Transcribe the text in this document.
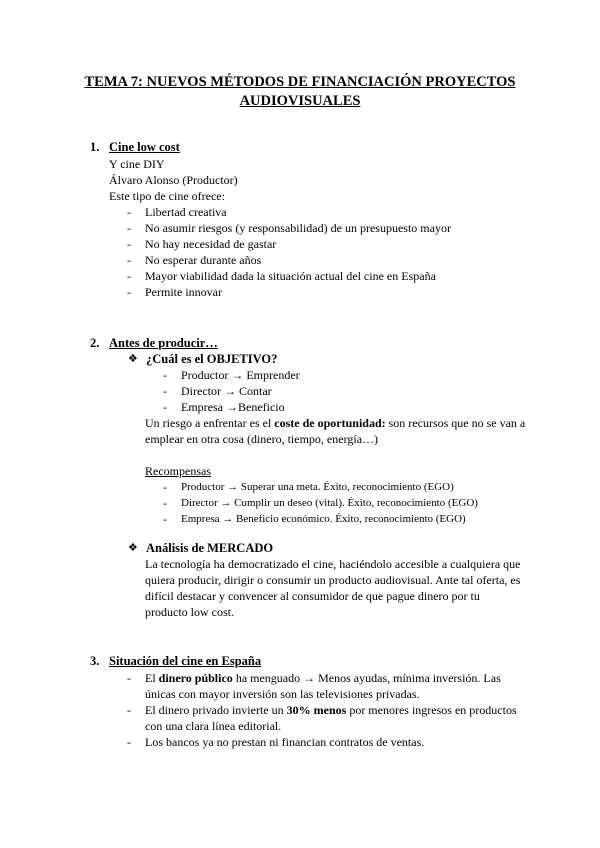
TEMA 7: NUEVOS MÉTODOS DE FINANCIACIÓN PROYECTOS
AUDIOVISUALES
1. Cine low cost
Y cine DIY
Álvaro Alonso (Productor)
Este tipo de cine ofrece:
- Libertad creativa
- No asumir riesgos (y responsabilidad) de un presupuesto mayor
- No hay necesidad de gastar
- No esperar durante años
- Mayor viabilidad dada la situación actual del cine en España
- Permite innovar
2. Antes de producir…
❖ ¿Cuál es el OBJETIVO?
- Productor → Emprender
- Director → Contar
- Empresa →Beneficio
Un riesgo a enfrentar es el coste de oportunidad: son recursos que no se van a
emplear en otra cosa (dinero, tiempo, energía…)
Recompensas
- Productor → Superar una meta. Éxito, reconocimiento (EGO)
- Director → Cumplir un deseo (vital). Éxito, reconocimiento (EGO)
- Empresa → Beneficio económico. Éxito, reconocimiento (EGO)
❖ Análisis de MERCADO
La tecnología ha democratizado el cine, haciéndolo accesible a cualquiera que
quiera producir, dirigir o consumir un producto audiovisual. Ante tal oferta, es
difícil destacar y convencer al consumidor de que pague dinero por tu
producto low cost.
3. Situación del cine en España
- El dinero público ha menguado → Menos ayudas, mínima inversión. Las
únicas con mayor inversión son las televisiones privadas.
- El dinero privado invierte un 30% menos por menores ingresos en productos
con una clara línea editorial.
- Los bancos ya no prestan ni financian contratos de ventas.
